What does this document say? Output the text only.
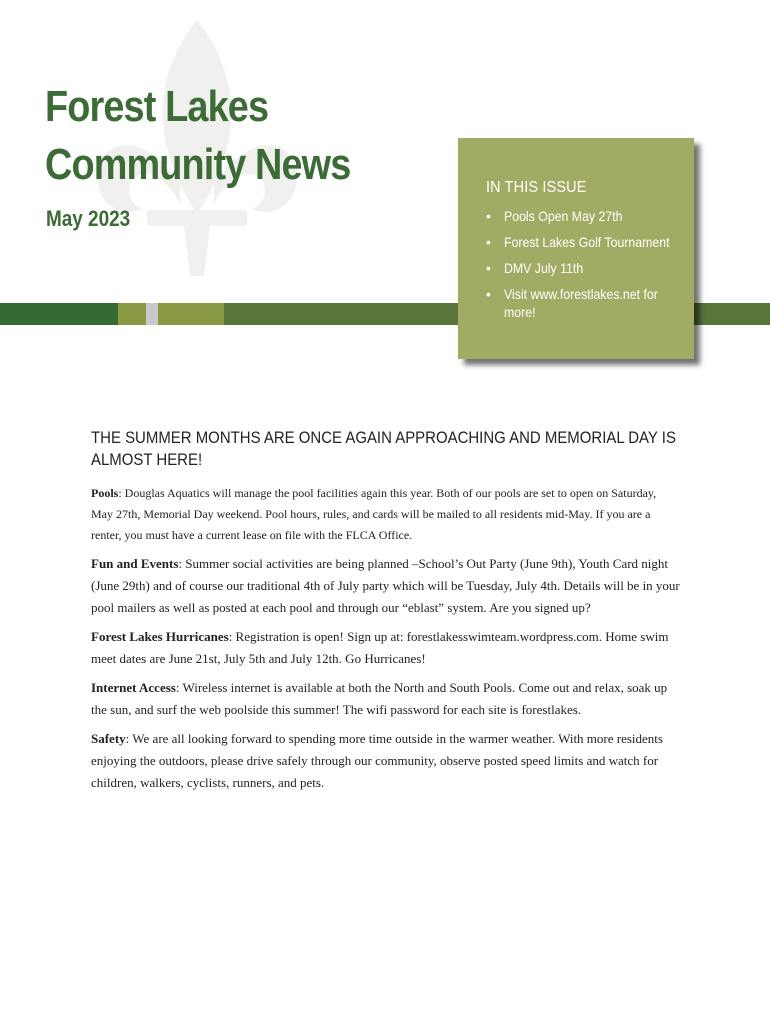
Forest Lakes
Community News
May 2023
IN THIS ISSUE
• Pools Open May 27th
• Forest Lakes Golf Tournament
• DMV July 11th
• Visit www.forestlakes.net for more!
THE SUMMER MONTHS ARE ONCE AGAIN APPROACHING AND MEMORIAL DAY IS ALMOST HERE!

Pools: Douglas Aquatics will manage the pool facilities again this year. Both of our pools are set to open on Saturday, May 27th, Memorial Day weekend. Pool hours, rules, and cards will be mailed to all residents mid-May. If you are a renter, you must have a current lease on file with the FLCA Office.

Fun and Events: Summer social activities are being planned –School’s Out Party (June 9th), Youth Card night (June 29th) and of course our traditional 4th of July party which will be Tuesday, July 4th. Details will be in your pool mailers as well as posted at each pool and through our “eblast” system. Are you signed up?

Forest Lakes Hurricanes: Registration is open! Sign up at: forestlakesswimteam.wordpress.com. Home swim meet dates are June 21st, July 5th and July 12th. Go Hurricanes!

Internet Access: Wireless internet is available at both the North and South Pools. Come out and relax, soak up the sun, and surf the web poolside this summer! The wifi password for each site is forestlakes.

Safety: We are all looking forward to spending more time outside in the warmer weather. With more residents enjoying the outdoors, please drive safely through our community, observe posted speed limits and watch for children, walkers, cyclists, runners, and pets.
